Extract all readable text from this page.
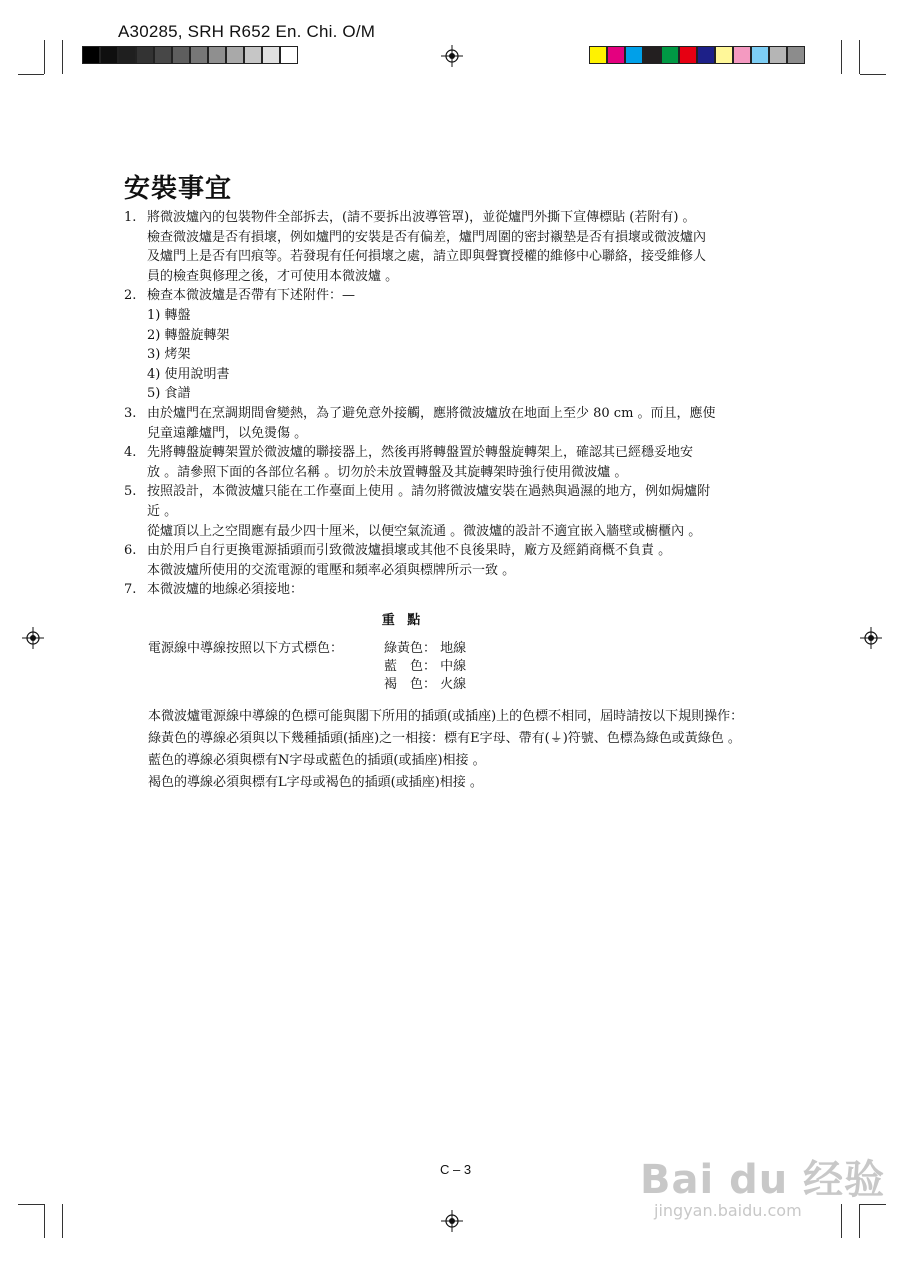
A30285, SRH R652 En. Chi. O/M
安裝事宜
1. 將微波爐內的包裝物件全部拆去，(請不要拆出波導管罩)，並從爐門外撕下宣傳標貼 (若附有) 。
檢查微波爐是否有損壞，例如爐門的安裝是否有偏差，爐門周圍的密封襯墊是否有損壞或微波爐內
及爐門上是否有凹痕等。若發現有任何損壞之處，請立即與聲寶授權的維修中心聯絡，接受維修人
員的檢查與修理之後，才可使用本微波爐 。
2. 檢查本微波爐是否帶有下述附件：—
1) 轉盤
2) 轉盤旋轉架
3) 烤架
4) 使用說明書
5) 食譜
3. 由於爐門在烹調期間會變熱，為了避免意外接觸，應將微波爐放在地面上至少 80 cm 。而且，應使
兒童遠離爐門，以免燙傷 。
4. 先將轉盤旋轉架置於微波爐的聯接器上，然後再將轉盤置於轉盤旋轉架上，確認其已經穩妥地安
放 。請參照下面的各部位名稱 。切勿於未放置轉盤及其旋轉架時強行使用微波爐 。
5. 按照設計，本微波爐只能在工作臺面上使用 。請勿將微波爐安裝在過熱與過濕的地方，例如焗爐附
近 。
從爐頂以上之空間應有最少四十厘米，以便空氣流通 。微波爐的設計不適宜嵌入牆壁或櫥櫃內 。
6. 由於用戶自行更換電源插頭而引致微波爐損壞或其他不良後果時，廠方及經銷商概不負責 。
本微波爐所使用的交流電源的電壓和頻率必須與標牌所示一致 。
7. 本微波爐的地線必須接地：
重 點
電源線中導線按照以下方式標色：	綠黃色： 地線
藍　色： 中線
褐　色： 火線

本微波爐電源線中導線的色標可能與閣下所用的插頭(或插座)上的色標不相同，屆時請按以下規則操作：

綠黃色的導線必須與以下幾種插頭(插座)之一相接：標有E字母、帶有(⏚)符號、色標為綠色或黃綠色 。

藍色的導線必須與標有N字母或藍色的插頭(或插座)相接 。

褐色的導線必須與標有L字母或褐色的插頭(或插座)相接 。

C – 3	Bai du 经验
jingyan.baidu.com
